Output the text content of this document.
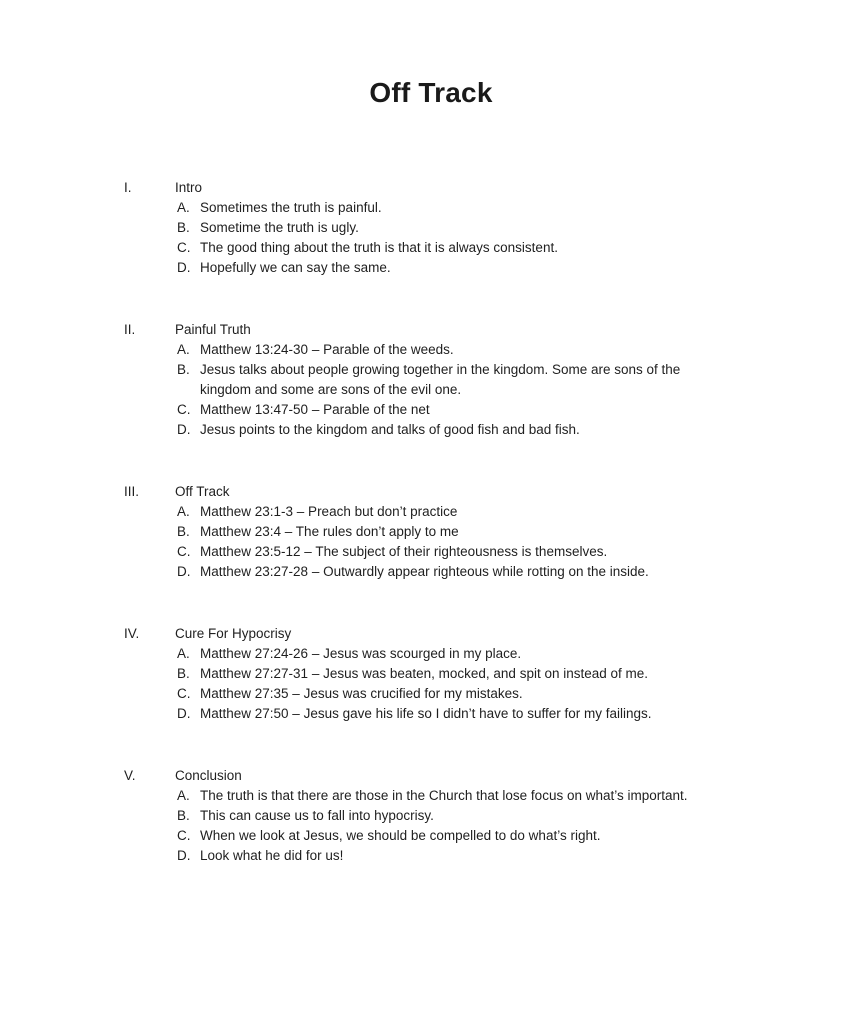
Off Track
I.	Intro
A. Sometimes the truth is painful.
B. Sometime the truth is ugly.
C. The good thing about the truth is that it is always consistent.
D. Hopefully we can say the same.
II.	Painful Truth
A. Matthew 13:24-30 – Parable of the weeds.
B. Jesus talks about people growing together in the kingdom. Some are sons of the kingdom and some are sons of the evil one.
C. Matthew 13:47-50 – Parable of the net
D. Jesus points to the kingdom and talks of good fish and bad fish.
III.	Off Track
A. Matthew 23:1-3 – Preach but don’t practice
B. Matthew 23:4 – The rules don’t apply to me
C. Matthew 23:5-12 – The subject of their righteousness is themselves.
D. Matthew 23:27-28 – Outwardly appear righteous while rotting on the inside.
IV.	Cure For Hypocrisy
A. Matthew 27:24-26 – Jesus was scourged in my place.
B. Matthew 27:27-31 – Jesus was beaten, mocked, and spit on instead of me.
C. Matthew 27:35 – Jesus was crucified for my mistakes.
D. Matthew 27:50 – Jesus gave his life so I didn’t have to suffer for my failings.
V.	Conclusion
A. The truth is that there are those in the Church that lose focus on what’s important.
B. This can cause us to fall into hypocrisy.
C. When we look at Jesus, we should be compelled to do what’s right.
D. Look what he did for us!
